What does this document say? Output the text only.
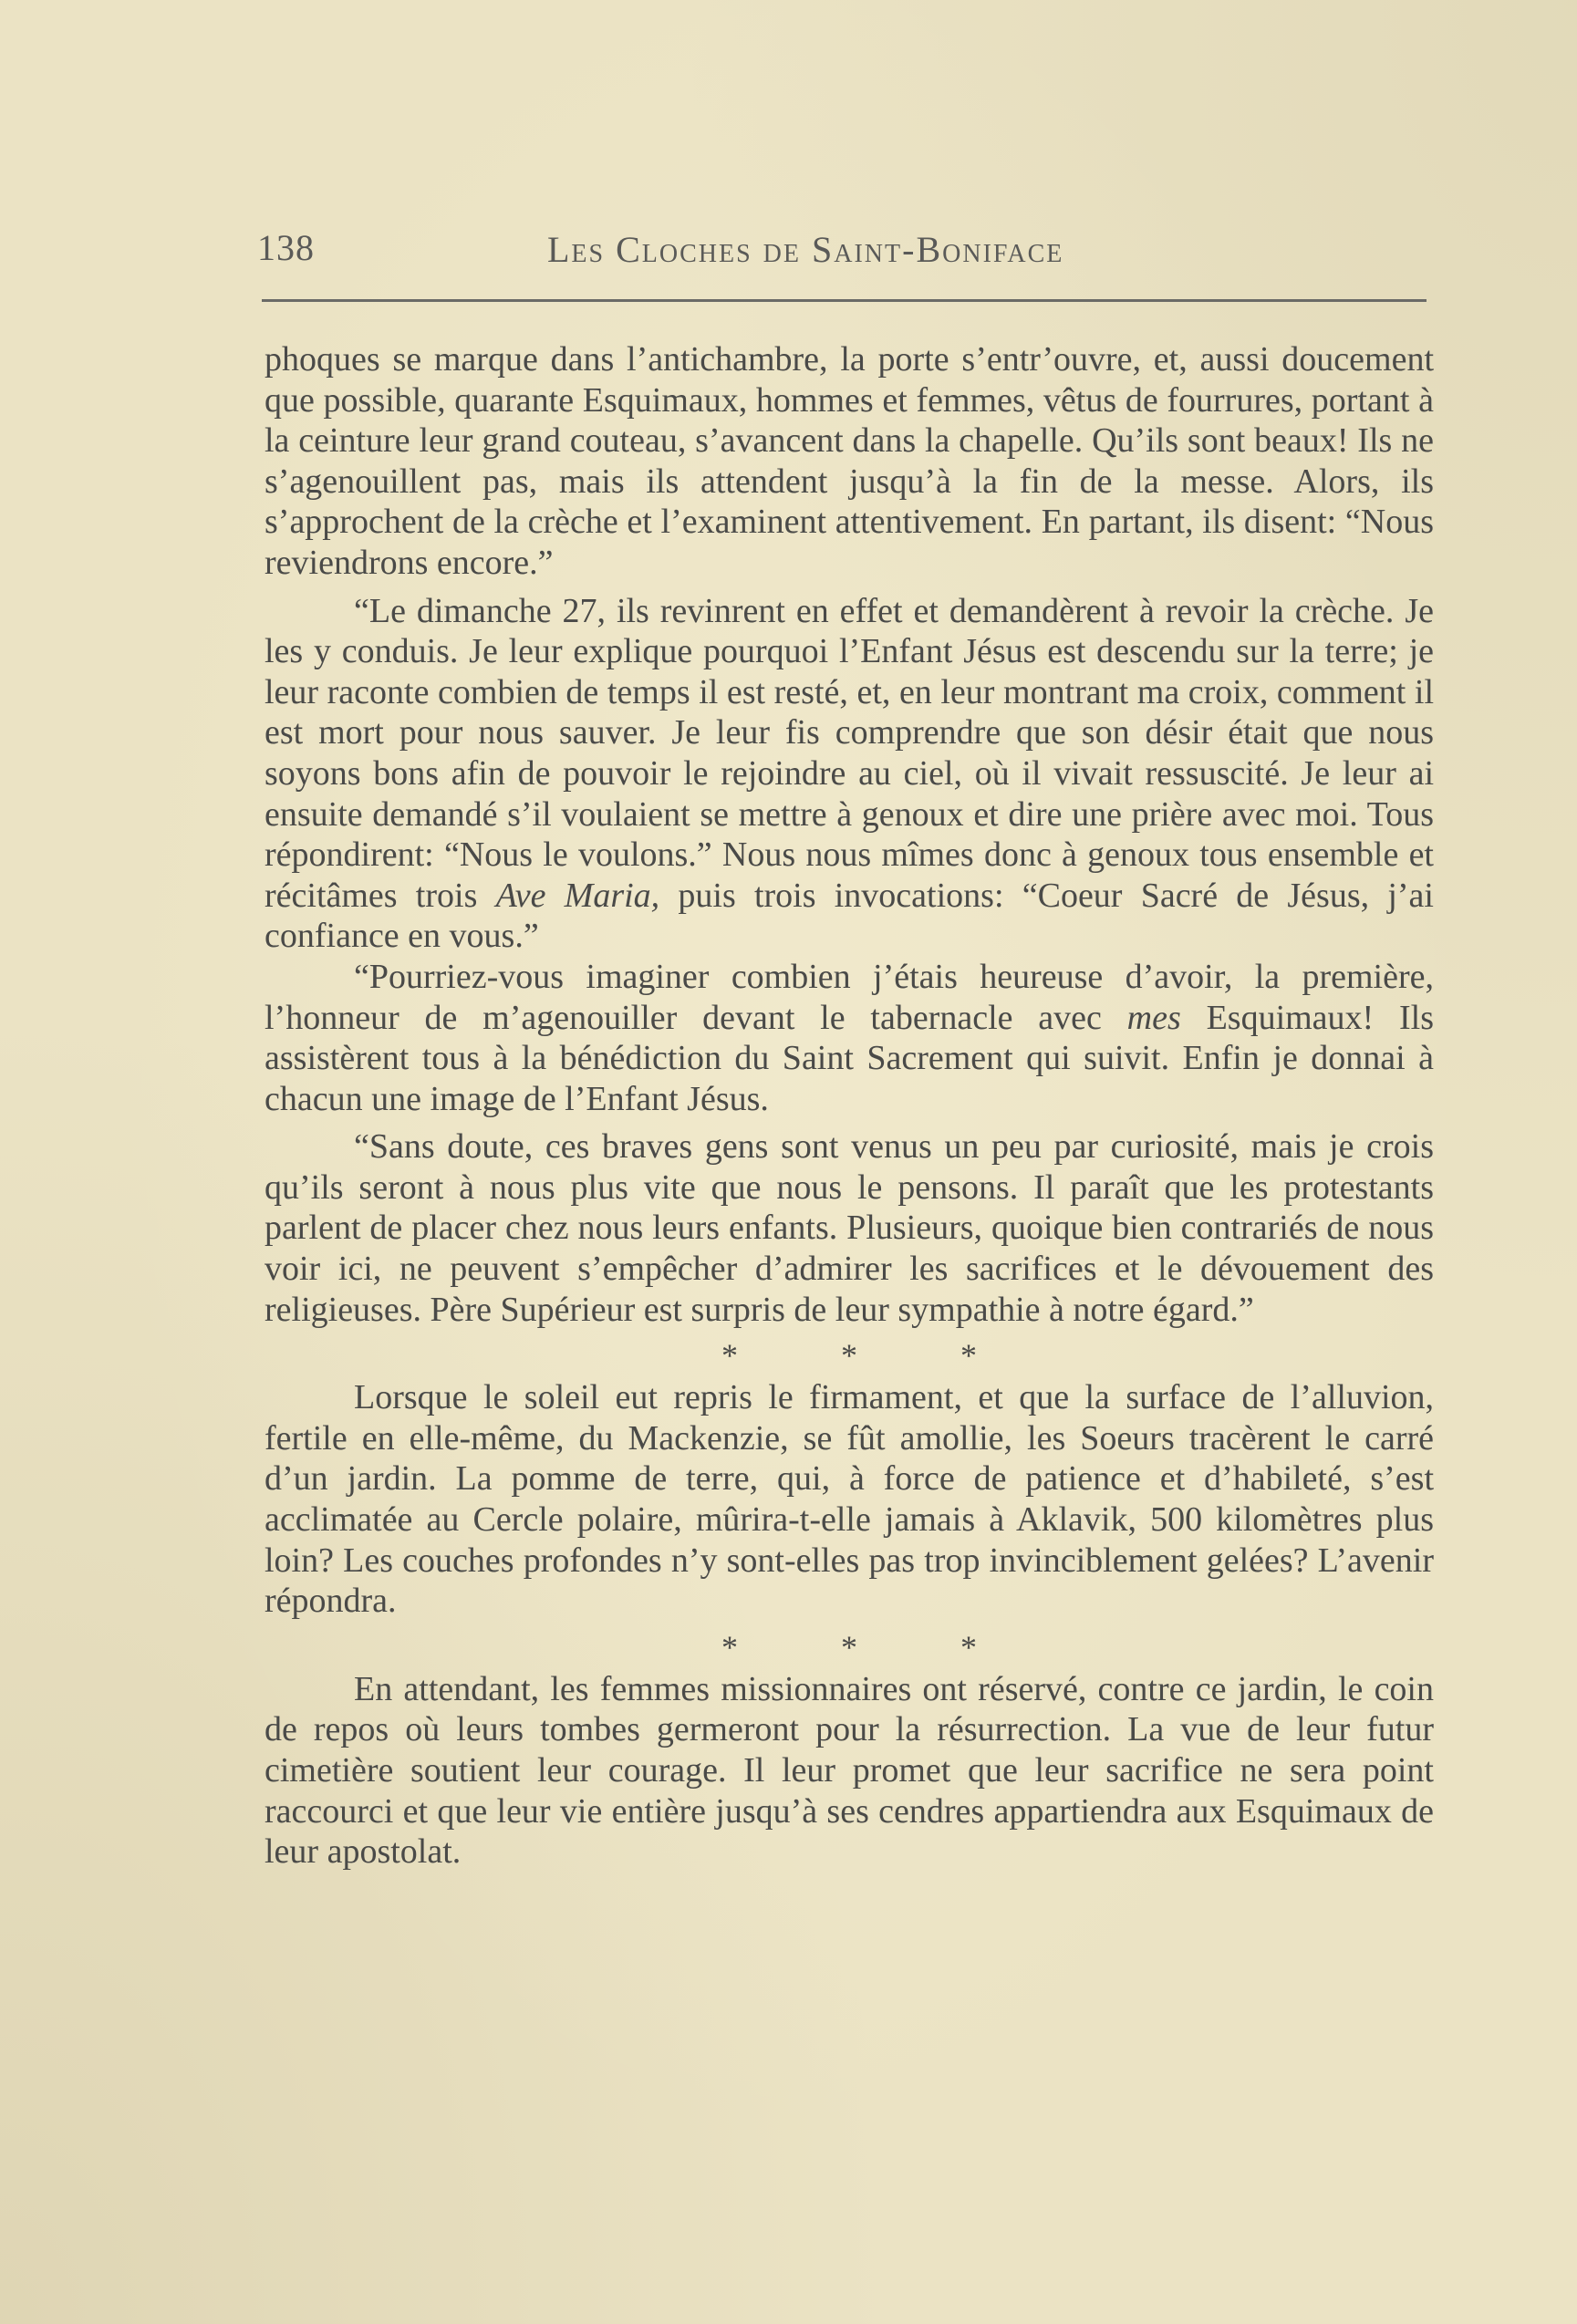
138	Les Cloches de Saint-Boniface

phoques se marque dans l’antichambre, la porte s’entr’ouvre, et, aussi doucement que possible, quarante Esquimaux, hommes et femmes, vêtus de fourrures, portant à la ceinture leur grand couteau, s’avancent dans la chapelle. Qu’ils sont beaux! Ils ne s’agenouillent pas, mais ils attendent jusqu’à la fin de la messe. Alors, ils s’approchent de la crèche et l’examinent attentivement. En partant, ils disent: “Nous reviendrons encore.”

“Le dimanche 27, ils revinrent en effet et demandèrent à revoir la crèche. Je les y conduis. Je leur explique pourquoi l’Enfant Jésus est descendu sur la terre; je leur raconte combien de temps il est resté, et, en leur montrant ma croix, comment il est mort pour nous sauver. Je leur fis comprendre que son désir était que nous soyons bons afin de pouvoir le rejoindre au ciel, où il vivait ressuscité. Je leur ai ensuite demandé s’il voulaient se mettre à genoux et dire une prière avec moi. Tous répondirent: “Nous le voulons.” Nous nous mîmes donc à genoux tous ensemble et récitâmes trois Ave Maria, puis trois invocations: “Coeur Sacré de Jésus, j’ai confiance en vous.”

“Pourriez-vous imaginer combien j’étais heureuse d’avoir, la première, l’honneur de m’agenouiller devant le tabernacle avec mes Esquimaux! Ils assistèrent tous à la bénédiction du Saint Sacrement qui suivit. Enfin je donnai à chacun une image de l’Enfant Jésus.

“Sans doute, ces braves gens sont venus un peu par curiosité, mais je crois qu’ils seront à nous plus vite que nous le pensons. Il paraît que les protestants parlent de placer chez nous leurs enfants. Plusieurs, quoique bien contrariés de nous voir ici, ne peuvent s’empêcher d’admirer les sacrifices et le dévouement des religieuses. Père Supérieur est surpris de leur sympathie à notre égard.”

* * *

Lorsque le soleil eut repris le firmament, et que la surface de l’alluvion, fertile en elle-même, du Mackenzie, se fût amollie, les Soeurs tracèrent le carré d’un jardin. La pomme de terre, qui, à force de patience et d’habileté, s’est acclimatée au Cercle polaire, mûrira-t-elle jamais à Aklavik, 500 kilomètres plus loin? Les couches profondes n’y sont-elles pas trop invinciblement gelées? L’avenir répondra.

* * *

En attendant, les femmes missionnaires ont réservé, contre ce jardin, le coin de repos où leurs tombes germeront pour la résurrection. La vue de leur futur cimetière soutient leur courage. Il leur promet que leur sacrifice ne sera point raccourci et que leur vie entière jusqu’à ses cendres appartiendra aux Esquimaux de leur apostolat.
